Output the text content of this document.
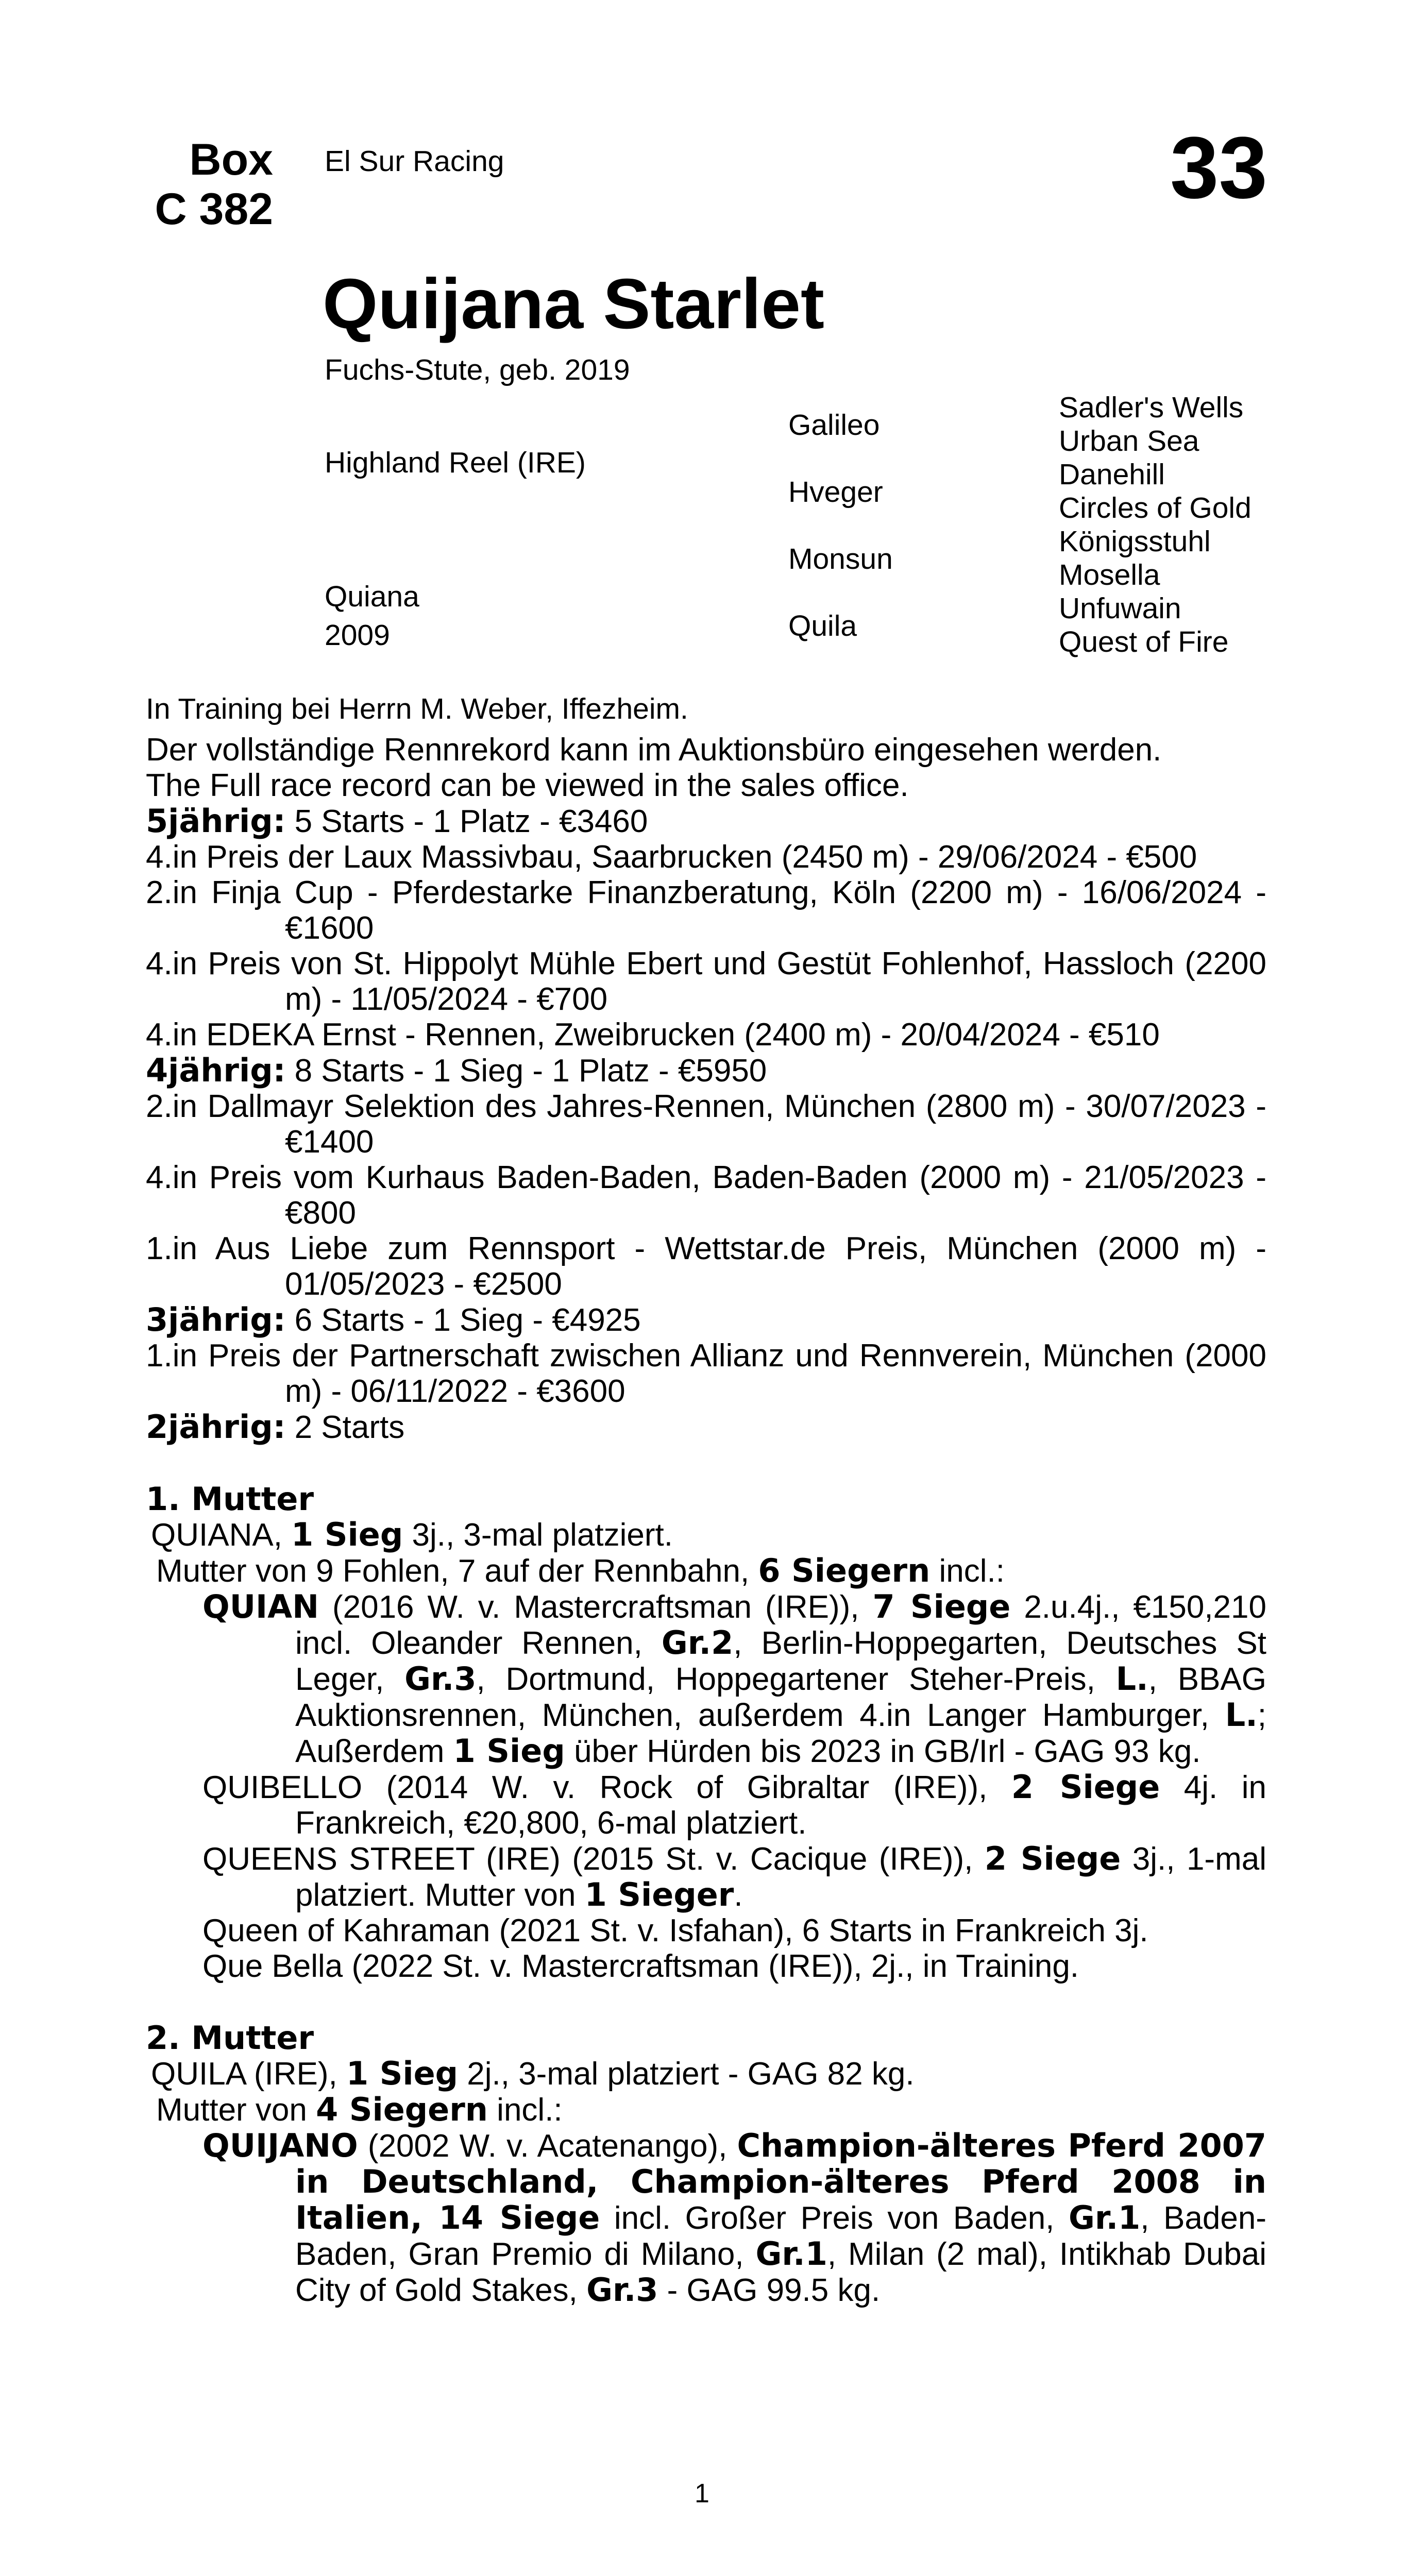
Box
C 382
El Sur Racing	33
Quijana Starlet
Fuchs-Stute, geb. 2019
Highland Reel (IRE)
Quiana
2009
Galileo
Hveger
Monsun
Quila
Sadler's Wells
Urban Sea
Danehill
Circles of Gold
Königsstuhl
Mosella
Unfuwain
Quest of Fire

In Training bei Herrn M. Weber, Iffezheim.

Der vollständige Rennrekord kann im Auktionsbüro eingesehen werden.

The Full race record can be viewed in the sales office.

5jährig: 5 Starts - 1 Platz - €3460

4.in Preis der Laux Massivbau, Saarbrucken (2450 m) - 29/06/2024 - €500

2.in Finja Cup - Pferdestarke Finanzberatung, Köln (2200 m) - 16/06/2024 - €1600

4.in Preis von St. Hippolyt Mühle Ebert und Gestüt Fohlenhof, Hassloch (2200 m) - 11/05/2024 - €700

4.in EDEKA Ernst - Rennen, Zweibrucken (2400 m) - 20/04/2024 - €510

4jährig: 8 Starts - 1 Sieg - 1 Platz - €5950

2.in Dallmayr Selektion des Jahres-Rennen, München (2800 m) - 30/07/2023 - €1400

4.in Preis vom Kurhaus Baden-Baden, Baden-Baden (2000 m) - 21/05/2023 - €800

1.in Aus Liebe zum Rennsport - Wettstar.de Preis, München (2000 m) - 01/05/2023 - €2500

3jährig: 6 Starts - 1 Sieg - €4925

1.in Preis der Partnerschaft zwischen Allianz und Rennverein, München (2000 m) - 06/11/2022 - €3600

2jährig: 2 Starts

1. Mutter

QUIANA, 1 Sieg 3j., 3-mal platziert.

Mutter von 9 Fohlen, 7 auf der Rennbahn, 6 Siegern incl.:

QUIAN (2016 W. v. Mastercraftsman (IRE)), 7 Siege 2.u.4j., €150,210 incl. Oleander Rennen, Gr.2, Berlin-Hoppegarten, Deutsches St Leger, Gr.3, Dortmund, Hoppegartener Steher-Preis, L., BBAG Auktionsrennen, München, außerdem 4.in Langer Hamburger, L.; Außerdem 1 Sieg über Hürden bis 2023 in GB/Irl - GAG 93 kg.

QUIBELLO (2014 W. v. Rock of Gibraltar (IRE)), 2 Siege 4j. in Frankreich, €20,800, 6-mal platziert.

QUEENS STREET (IRE) (2015 St. v. Cacique (IRE)), 2 Siege 3j., 1-mal platziert. Mutter von 1 Sieger.

Queen of Kahraman (2021 St. v. Isfahan), 6 Starts in Frankreich 3j.

Que Bella (2022 St. v. Mastercraftsman (IRE)), 2j., in Training.

2. Mutter

QUILA (IRE), 1 Sieg 2j., 3-mal platziert - GAG 82 kg.

Mutter von 4 Siegern incl.:

QUIJANO (2002 W. v. Acatenango), Champion-älteres Pferd 2007 in Deutschland, Champion-älteres Pferd 2008 in Italien, 14 Siege incl. Großer Preis von Baden, Gr.1, Baden-Baden, Gran Premio di Milano, Gr.1, Milan (2 mal), Intikhab Dubai City of Gold Stakes, Gr.3 - GAG 99.5 kg.

1
